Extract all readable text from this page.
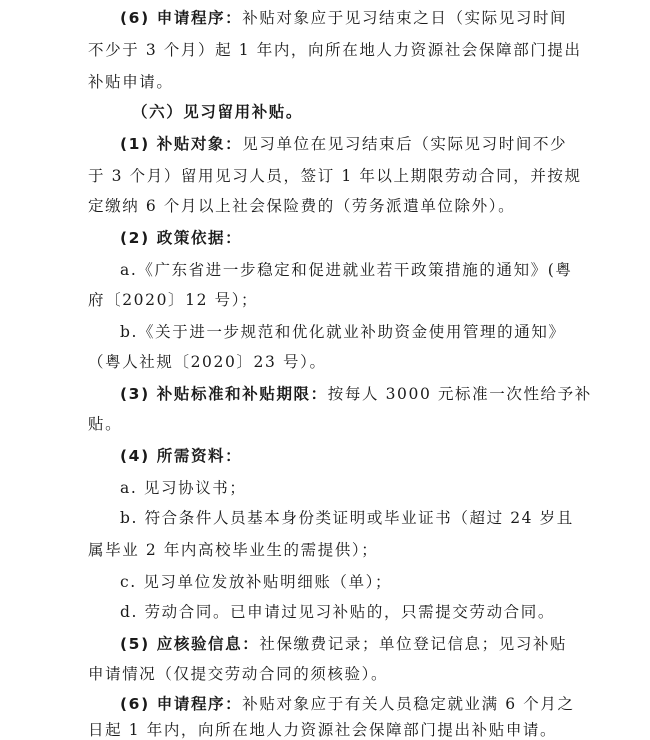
(6) 申请程序：补贴对象应于见习结束之日（实际见习时间
不少于 3 个月）起 1 年内，向所在地人力资源社会保障部门提出
补贴申请。
（六）见习留用补贴。
(1) 补贴对象：见习单位在见习结束后（实际见习时间不少
于 3 个月）留用见习人员，签订 1 年以上期限劳动合同，并按规
定缴纳 6 个月以上社会保险费的（劳务派遣单位除外）。
(2) 政策依据：
a.《广东省进一步稳定和促进就业若干政策措施的通知》(粤
府〔2020〕12 号）；
b.《关于进一步规范和优化就业补助资金使用管理的通知》
（粤人社规〔2020〕23 号）。
(3) 补贴标准和补贴期限：按每人 3000 元标准一次性给予补
贴。
(4) 所需资料：
a. 见习协议书；
b. 符合条件人员基本身份类证明或毕业证书（超过 24 岁且
属毕业 2 年内高校毕业生的需提供）；
c. 见习单位发放补贴明细账（单）；
d. 劳动合同。已申请过见习补贴的，只需提交劳动合同。
(5) 应核验信息：社保缴费记录；单位登记信息；见习补贴
申请情况（仅提交劳动合同的须核验）。
(6) 申请程序：补贴对象应于有关人员稳定就业满 6 个月之
日起 1 年内，向所在地人力资源社会保障部门提出补贴申请。
